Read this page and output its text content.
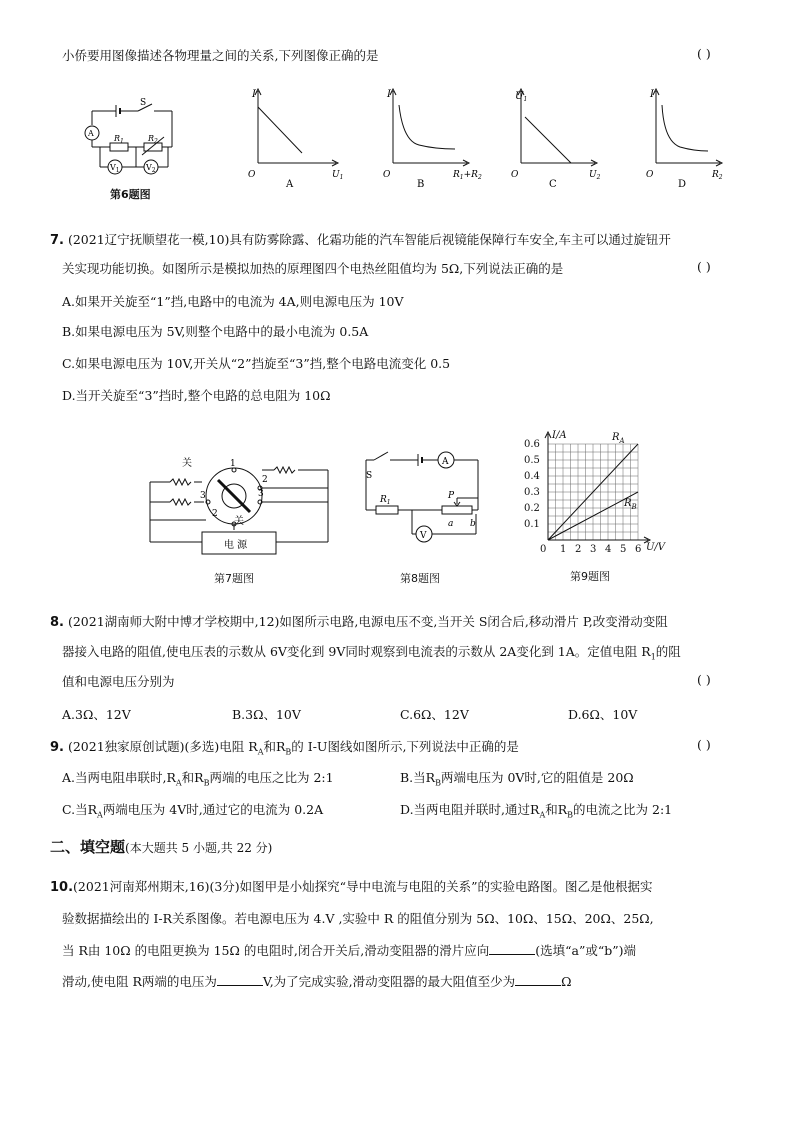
小侨要用图像描述各物理量之间的关系,下列图像正确的是	( )
S
A
$R_1$	$R_2$
$V_1$	$V_2$
第6题图
I
O	$U_1$
A
I
O	$R_1+R_2$
B
$U_1$
O	$U_2$
C
I
O	$R_2$
D
7. (2021辽宁抚顺望花一模,10)具有防雾除露、化霜功能的汽车智能后视镜能保障行车安全,车主可以通过旋钮开
关实现功能切换。如图所示是模拟加热的原理图四个电热丝阻值均为 5Ω,下列说法正确的是	( )
A.如果开关旋至“1”挡,电路中的电流为 4A,则电源电压为 10V
B.如果电源电压为 5V,则整个电路中的最小电流为 0.5A
C.如果电源电压为 10V,开关从“2”挡旋至“3”挡,整个电路电流变化 0.5
D.当开关旋至“3”挡时,整个电路的总电阻为 10Ω
关	1
2
3
3
2
关
电 源
第7题图
S
A
$R_1$
P
a b
V
第8题图
1 2 3 4 5 6
0.1
0.2
0.3
0.4
0.5
0.6
0
I/A
U/V
$R_A$
$R_B$
第9题图
8. (2021湖南师大附中博才学校期中,12)如图所示电路,电源电压不变,当开关 S闭合后,移动滑片 P,改变滑动变阻
器接入电路的阻值,使电压表的示数从 6V变化到 9V同时观察到电流表的示数从 2A变化到 1A。定值电阻 $R_1$的阻
值和电源电压分别为	( )
A.3Ω、12V	B.3Ω、10V	C.6Ω、12V	D.6Ω、10V
9. (2021独家原创试题)(多选)电阻 $R_A$和$R_B$的 I-U图线如图所示,下列说法中正确的是	( )
A.当两电阻串联时$,R_A$和$R_B$两端的电压之比为 2:1	B.当$R_B$两端电压为 0V时,它的阻值是 20Ω
C.当$R_A$两端电压为 4V时,通过它的电流为 0.2A	D.当两电阻并联时,通过$R_A$和$R_B$的电流之比为 2:1
二、填空题(本大题共 5 小题,共 22 分)
10.(2021河南郑州期末,16)(3分)如图甲是小灿探究“导中电流与电阻的关系”的实验电路图。图乙是他根据实
验数据描绘出的 I-R关系图像。若电源电压为 4.V ,实验中 R 的阻值分别为 5Ω、10Ω、15Ω、20Ω、25Ω,
当 R由 10Ω 的电阻更换为 15Ω 的电阻时,闭合开关后,滑动变阻器的滑片应向	(选填“a”或“b”)端
滑动,使电阻 R两端的电压为	V,为了完成实验,滑动变阻器的最大阻值至少为	Ω
